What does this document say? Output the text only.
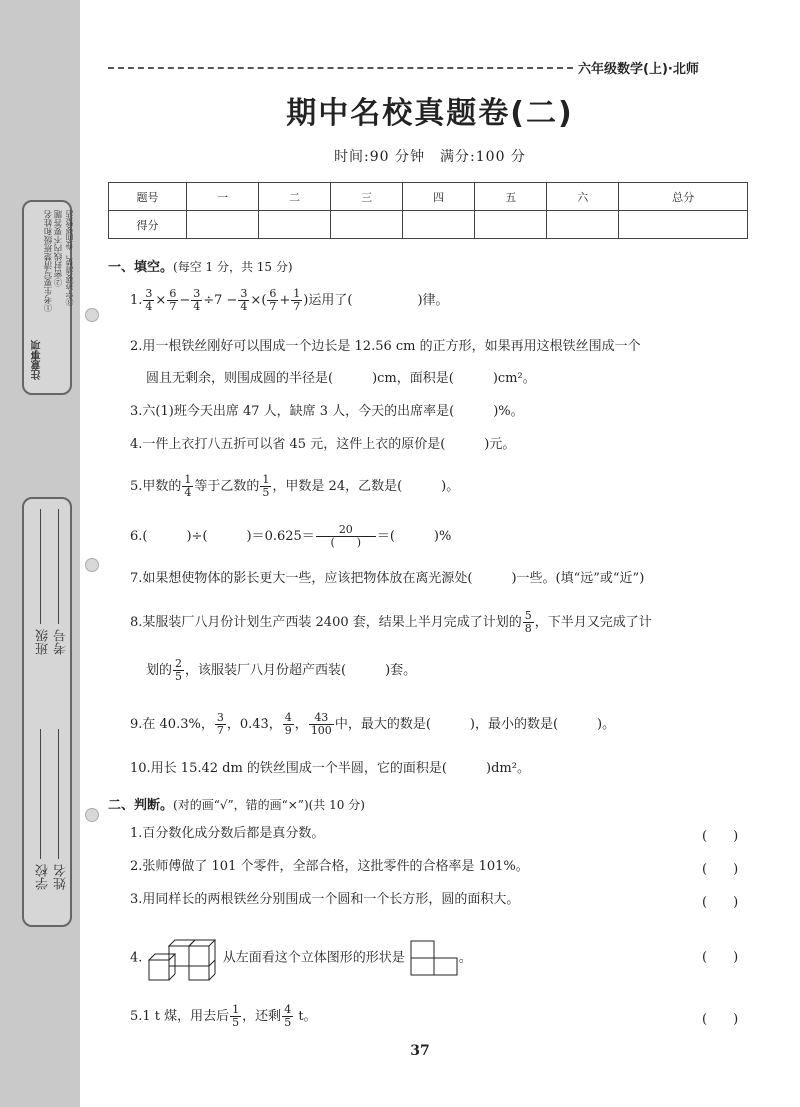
注意事项
①考生要写清楚班级和姓名 ②密封线内不要答题 ③字迹要清楚，卷面要整洁
班级 考号
学校 姓名
六年级数学(上)·北师
期中名校真题卷(二)
时间:90 分钟　满分:100 分
题号	一	二	三	四	五	六	总分
得分							
一、填空。(每空 1 分，共 15 分)
1. $\frac{3}{4} \times \frac{6}{7} - \frac{3}{4} \div 7 - \frac{3}{4}$ ×( $\frac{6}{7} + \frac{1}{7}$ )运用了(　　　　　)律。
2.用一根铁丝刚好可以围成一个边长是 12.56 cm 的正方形，如果再用这根铁丝围成一个
圆且无剩余，则围成圆的半径是(　　　)cm，面积是(　　　)cm²。
3.六(1)班今天出席 47 人，缺席 3 人，今天的出席率是(　　　)%。
4.一件上衣打八五折可以省 45 元，这件上衣的原价是(　　　)元。
5.甲数的 $\frac{1}{4}$ 等于乙数的 $\frac{1}{5}$ ，甲数是 24，乙数是(　　　)。
6.(　　　)÷(　　　)$=0.625= \frac{20}{( )}$ ＝(　　　)%
7.如果想使物体的影长更大一些，应该把物体放在离光源处(　　　)一些。(填“远”或“近”)
8.某服装厂八月份计划生产西装 2400 套，结果上半月完成了计划的 $\frac{5}{8}$ ，下半月又完成了计
划的 $\frac{2}{5}$ ，该服装厂八月份超产西装(　　　)套。
9.在 40.3%， $\frac{3}{7}$ ，0.4̇3̇， $\frac{4}{9}$ ， $\frac{43}{100}$ 中，最大的数是(　　　)，最小的数是(　　　)。
10.用长 15.42 dm 的铁丝围成一个半圆，它的面积是(　　　)dm²。
二、判断。(对的画“√”，错的画“×”)(共 10 分)
1.百分数化成分数后都是真分数。	(　　)
2.张师傅做了 101 个零件，全部合格，这批零件的合格率是 101%。	(　　)
3.用同样长的两根铁丝分别围成一个圆和一个长方形，圆的面积大。	(　　)
4.	从左面看这个立体图形的形状是	。	(　　)
5.1 t 煤，用去后 $\frac{1}{5}$ ，还剩 $\frac{4}{5}$ t。	(　　)
37
